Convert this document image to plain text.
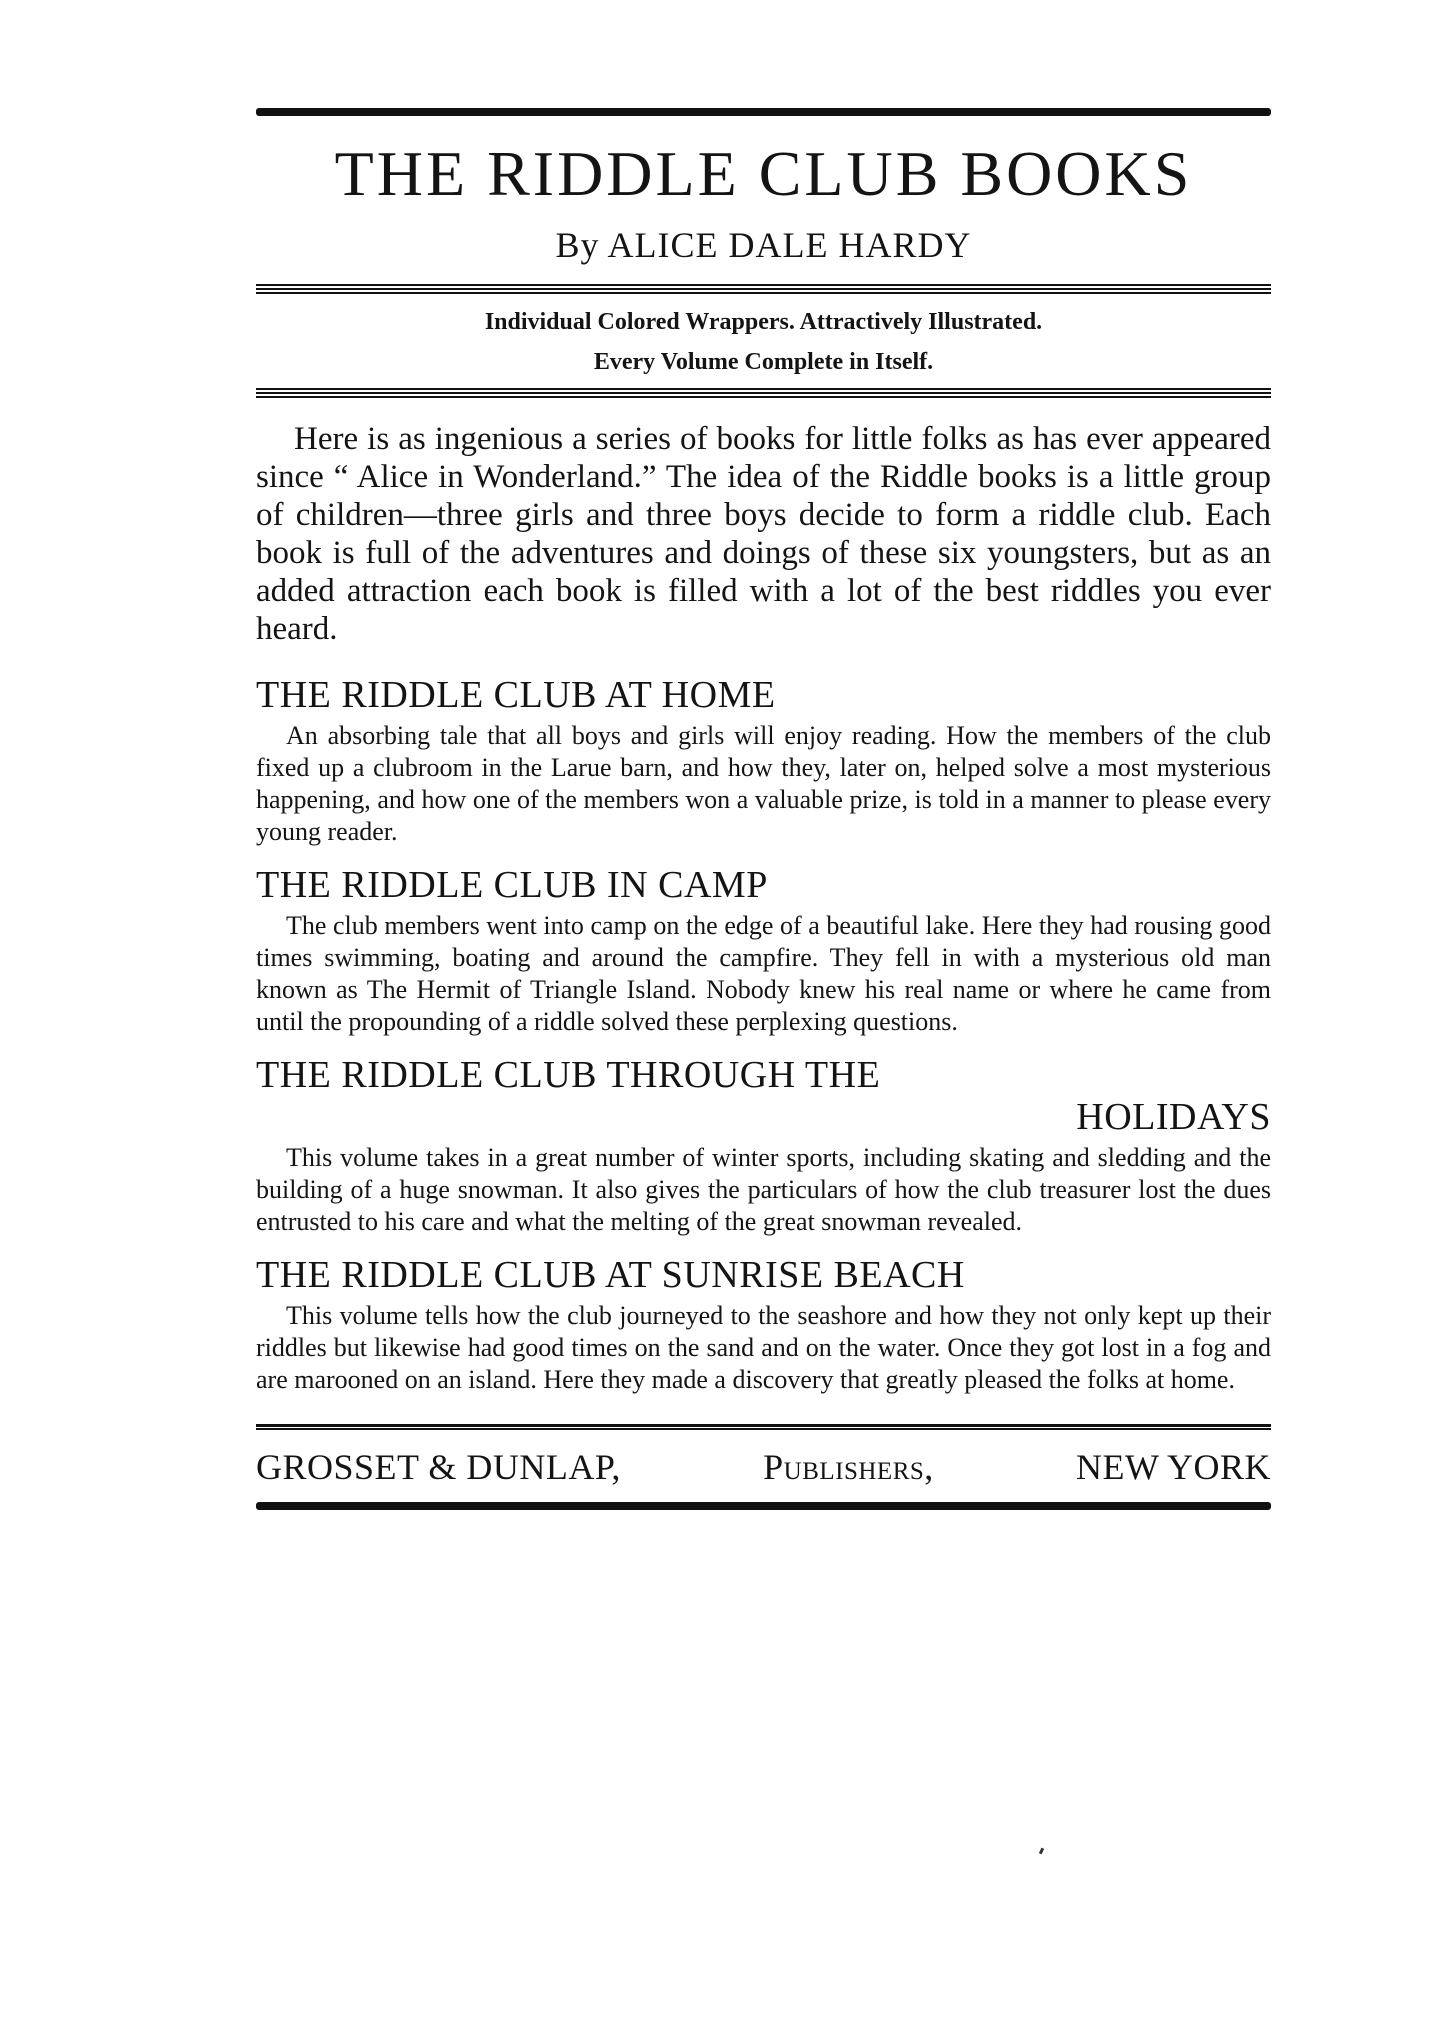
THE RIDDLE CLUB BOOKS
By ALICE DALE HARDY
Individual Colored Wrappers. Attractively Illustrated.
Every Volume Complete in Itself.

Here is as ingenious a series of books for little folks as has ever appeared since “ Alice in Wonderland.” The idea of the Riddle books is a little group of children—three girls and three boys decide to form a riddle club. Each book is full of the adventures and doings of these six youngsters, but as an added attraction each book is filled with a lot of the best riddles you ever heard.

THE RIDDLE CLUB AT HOME
An absorbing tale that all boys and girls will enjoy reading. How the members of the club fixed up a clubroom in the Larue barn, and how they, later on, helped solve a most mysterious happening, and how one of the members won a valuable prize, is told in a manner to please every young reader.
THE RIDDLE CLUB IN CAMP
The club members went into camp on the edge of a beautiful lake. Here they had rousing good times swimming, boating and around the campfire. They fell in with a mysterious old man known as The Hermit of Triangle Island. Nobody knew his real name or where he came from until the propounding of a riddle solved these perplexing questions.
THE RIDDLE CLUB THROUGH THE
HOLIDAYS
This volume takes in a great number of winter sports, including skating and sledding and the building of a huge snowman. It also gives the particulars of how the club treasurer lost the dues entrusted to his care and what the melting of the great snowman revealed.
THE RIDDLE CLUB AT SUNRISE BEACH
This volume tells how the club journeyed to the seashore and how they not only kept up their riddles but likewise had good times on the sand and on the water. Once they got lost in a fog and are marooned on an island. Here they made a discovery that greatly pleased the folks at home.
GROSSET & DUNLAP,	Publishers,	NEW YORK
